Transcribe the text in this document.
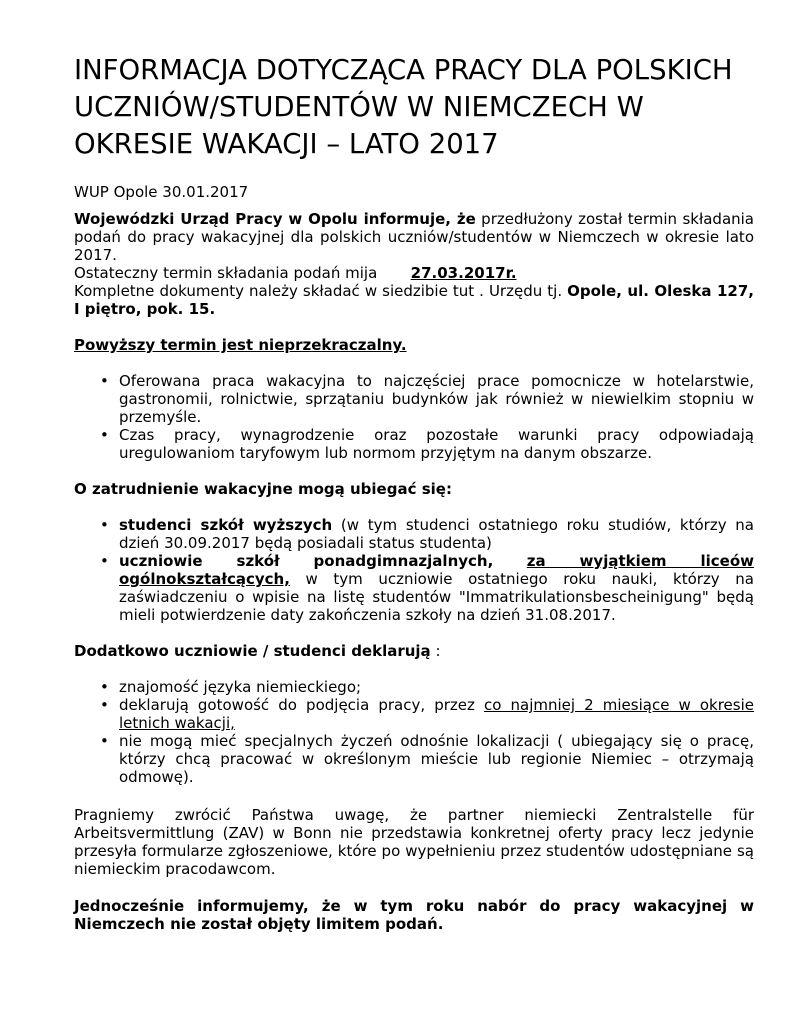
INFORMACJA DOTYCZĄCA PRACY DLA POLSKICH UCZNIÓW/STUDENTÓW W NIEMCZECH W OKRESIE WAKACJI – LATO 2017

WUP Opole 30.01.2017

Wojewódzki Urząd Pracy w Opolu informuje, że przedłużony został termin składania podań do pracy wakacyjnej dla polskich uczniów/studentów w Niemczech w okresie lato 2017.

Ostateczny termin składania podań mija 27.03.2017r.

Kompletne dokumenty należy składać w siedzibie tut . Urzędu tj. Opole, ul. Oleska 127, I piętro, pok. 15.

Powyższy termin jest nieprzekraczalny.

• Oferowana praca wakacyjna to najczęściej prace pomocnicze w hotelarstwie, gastronomii, rolnictwie, sprzątaniu budynków jak również w niewielkim stopniu w przemyśle.
• Czas pracy, wynagrodzenie oraz pozostałe warunki pracy odpowiadają uregulowaniom taryfowym lub normom przyjętym na danym obszarze.

O zatrudnienie wakacyjne mogą ubiegać się:

• studenci szkół wyższych (w tym studenci ostatniego roku studiów, którzy na dzień 30.09.2017 będą posiadali status studenta)
• uczniowie szkół ponadgimnazjalnych, za wyjątkiem liceów ogólnokształcących, w tym uczniowie ostatniego roku nauki, którzy na zaświadczeniu o wpisie na listę studentów "Immatrikulationsbescheinigung" będą mieli potwierdzenie daty zakończenia szkoły na dzień 31.08.2017.

Dodatkowo uczniowie / studenci deklarują :

• znajomość języka niemieckiego;
• deklarują gotowość do podjęcia pracy, przez co najmniej 2 miesiące w okresie letnich wakacji,
• nie mogą mieć specjalnych życzeń odnośnie lokalizacji ( ubiegający się o pracę, którzy chcą pracować w określonym mieście lub regionie Niemiec – otrzymają odmowę).

Pragniemy zwrócić Państwa uwagę, że partner niemiecki Zentralstelle für Arbeitsvermittlung (ZAV) w Bonn nie przedstawia konkretnej oferty pracy lecz jedynie przesyła formularze zgłoszeniowe, które po wypełnieniu przez studentów udostępniane są niemieckim pracodawcom.

Jednocześnie informujemy, że w tym roku nabór do pracy wakacyjnej w Niemczech nie został objęty limitem podań.
